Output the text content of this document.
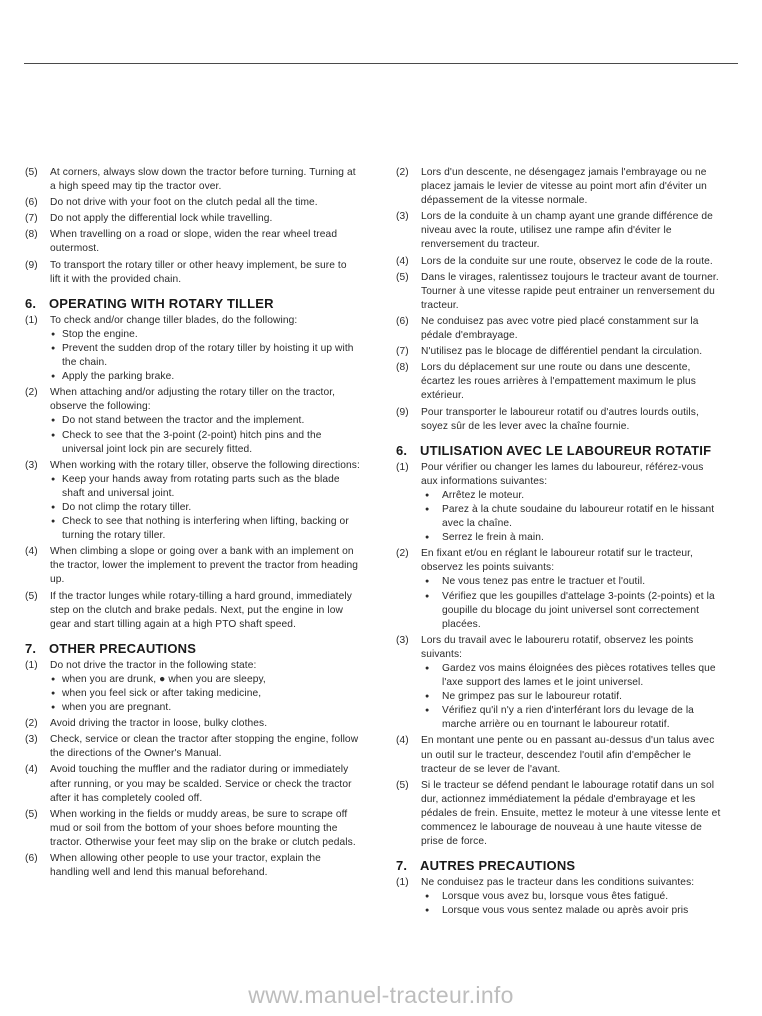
(5)	At corners, always slow down the tractor before turning. Turning at a high speed may tip the tractor over.
(6)	Do not drive with your foot on the clutch pedal all the time.
(7)	Do not apply the differential lock while travelling.
(8)	When travelling on a road or slope, widen the rear wheel tread outermost.
(9)	To transport the rotary tiller or other heavy implement, be sure to lift it with the provided chain.
6. OPERATING WITH ROTARY TILLER
(1)	To check and/or change tiller blades, do the following:
● Stop the engine.
● Prevent the sudden drop of the rotary tiller by hoisting it up with the chain.
● Apply the parking brake.
(2)	When attaching and/or adjusting the rotary tiller on the tractor, observe the following:
● Do not stand between the tractor and the implement.
● Check to see that the 3-point (2-point) hitch pins and the universal joint lock pin are securely fitted.
(3)	When working with the rotary tiller, observe the following directions:
● Keep your hands away from rotating parts such as the blade shaft and universal joint.
● Do not climp the rotary tiller.
● Check to see that nothing is interfering when lifting, backing or turning the rotary tiller.
(4)	When climbing a slope or going over a bank with an implement on the tractor, lower the implement to prevent the tractor from heading up.
(5)	If the tractor lunges while rotary-tilling a hard ground, immediately step on the clutch and brake pedals. Next, put the engine in low gear and start tilling again at a high PTO shaft speed.
7. OTHER PRECAUTIONS
(1)	Do not drive the tractor in the following state:
● when you are drunk, ● when you are sleepy,
● when you feel sick or after taking medicine,
● when you are pregnant.
(2)	Avoid driving the tractor in loose, bulky clothes.
(3)	Check, service or clean the tractor after stopping the engine, follow the directions of the Owner's Manual.
(4)	Avoid touching the muffler and the radiator during or immediately after running, or you may be scalded. Service or check the tractor after it has completely cooled off.
(5)	When working in the fields or muddy areas, be sure to scrape off mud or soil from the bottom of your shoes before mounting the tractor. Otherwise your feet may slip on the brake or clutch pedals.
(6)	When allowing other people to use your tractor, explain the handling well and lend this manual beforehand.
(2)	Lors d'un descente, ne désengagez jamais l'embrayage ou ne placez jamais le levier de vitesse au point mort afin d'éviter un dépassement de la vitesse normale.
(3)	Lors de la conduite à un champ ayant une grande différence de niveau avec la route, utilisez une rampe afin d'éviter le renversement du tracteur.
(4)	Lors de la conduite sur une route, observez le code de la route.
(5)	Dans le virages, ralentissez toujours le tracteur avant de tourner. Tourner à une vitesse rapide peut entrainer un renversement du tracteur.
(6)	Ne conduisez pas avec votre pied placé constamment sur la pédale d'embrayage.
(7)	N'utilisez pas le blocage de différentiel pendant la circulation.
(8)	Lors du déplacement sur une route ou dans une descente, écartez les roues arrières à l'empattement maximum le plus extérieur.
(9)	Pour transporter le laboureur rotatif ou d'autres lourds outils, soyez sûr de les lever avec la chaîne fournie.
6. UTILISATION AVEC LE LABOUREUR ROTATIF
(1)	Pour vérifier ou changer les lames du laboureur, référez-vous aux informations suivantes:
● Arrêtez le moteur.
● Parez à la chute soudaine du laboureur rotatif en le hissant avec la chaîne.
● Serrez le frein à main.
(2)	En fixant et/ou en réglant le laboureur rotatif sur le tracteur, observez les points suivants:
● Ne vous tenez pas entre le tractuer et l'outil.
● Vérifiez que les goupilles d'attelage 3-points (2-points) et la goupille du blocage du joint universel sont correctement placées.
(3)	Lors du travail avec le laboureru rotatif, observez les points suivants:
● Gardez vos mains éloignées des pièces rotatives telles que l'axe support des lames et le joint universel.
● Ne grimpez pas sur le laboureur rotatif.
● Vérifiez qu'il n'y a rien d'interférant lors du levage de la marche arrière ou en tournant le laboureur rotatif.
(4)	En montant une pente ou en passant au-dessus d'un talus avec un outil sur le tracteur, descendez l'outil afin d'empêcher le tracteur de se lever de l'avant.
(5)	Si le tracteur se défend pendant le labourage rotatif dans un sol dur, actionnez immédiatement la pédale d'embrayage et les pédales de frein. Ensuite, mettez le moteur à une vitesse lente et commencez le labourage de nouveau à une haute vitesse de prise de force.
7. AUTRES PRECAUTIONS
(1)	Ne conduisez pas le tracteur dans les conditions suivantes:
● Lorsque vous avez bu, lorsque vous êtes fatigué.
● Lorsque vous vous sentez malade ou après avoir pris
www.manuel-tracteur.info
